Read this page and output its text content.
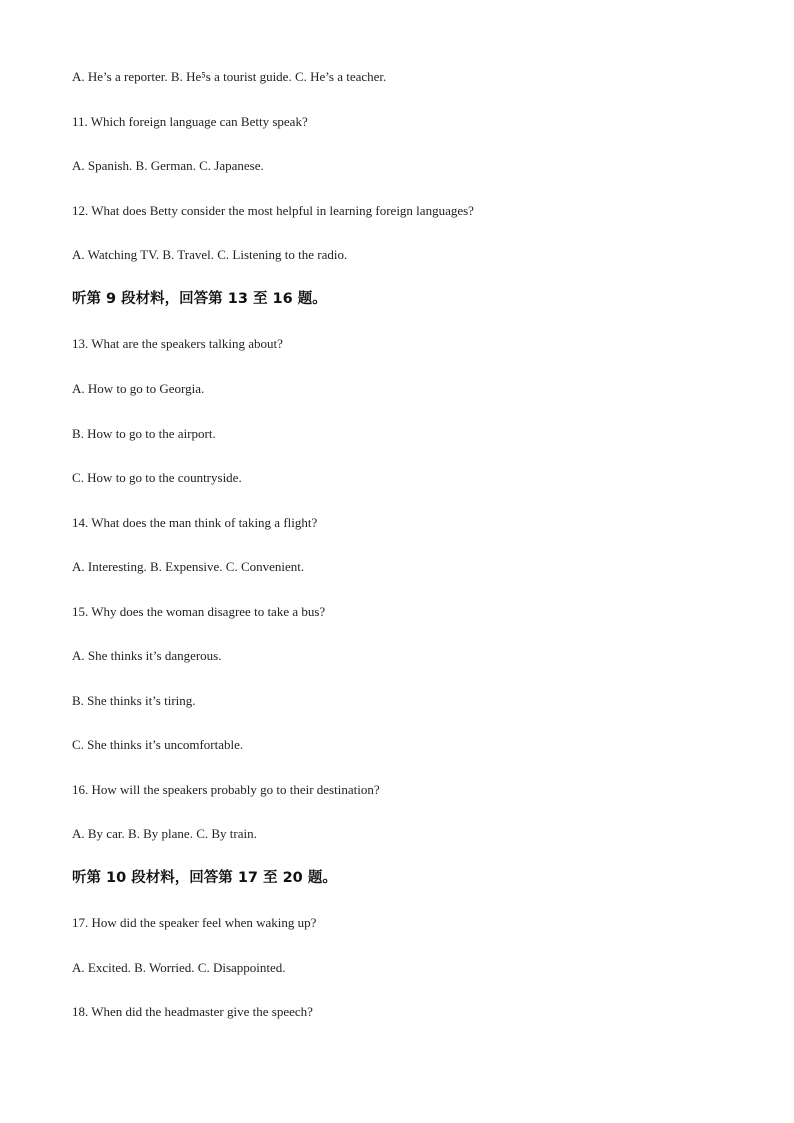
A. He’s a reporter. B. He⁵s a tourist guide. C. He’s a teacher.
11. Which foreign language can Betty speak?
A. Spanish. B. German. C. Japanese.
12. What does Betty consider the most helpful in learning foreign languages?
A. Watching TV. B. Travel. C. Listening to the radio.
听第 9 段材料，回答第 13 至 16 题。
13. What are the speakers talking about?
A. How to go to Georgia.
B. How to go to the airport.
C. How to go to the countryside.
14. What does the man think of taking a flight?
A. Interesting. B. Expensive. C. Convenient.
15. Why does the woman disagree to take a bus?
A. She thinks it’s dangerous.
B. She thinks it’s tiring.
C. She thinks it’s uncomfortable.
16. How will the speakers probably go to their destination?
A. By car. B. By plane. C. By train.
听第 10 段材料，回答第 17 至 20 题。
17. How did the speaker feel when waking up?
A. Excited. B. Worried. C. Disappointed.
18. When did the headmaster give the speech?
